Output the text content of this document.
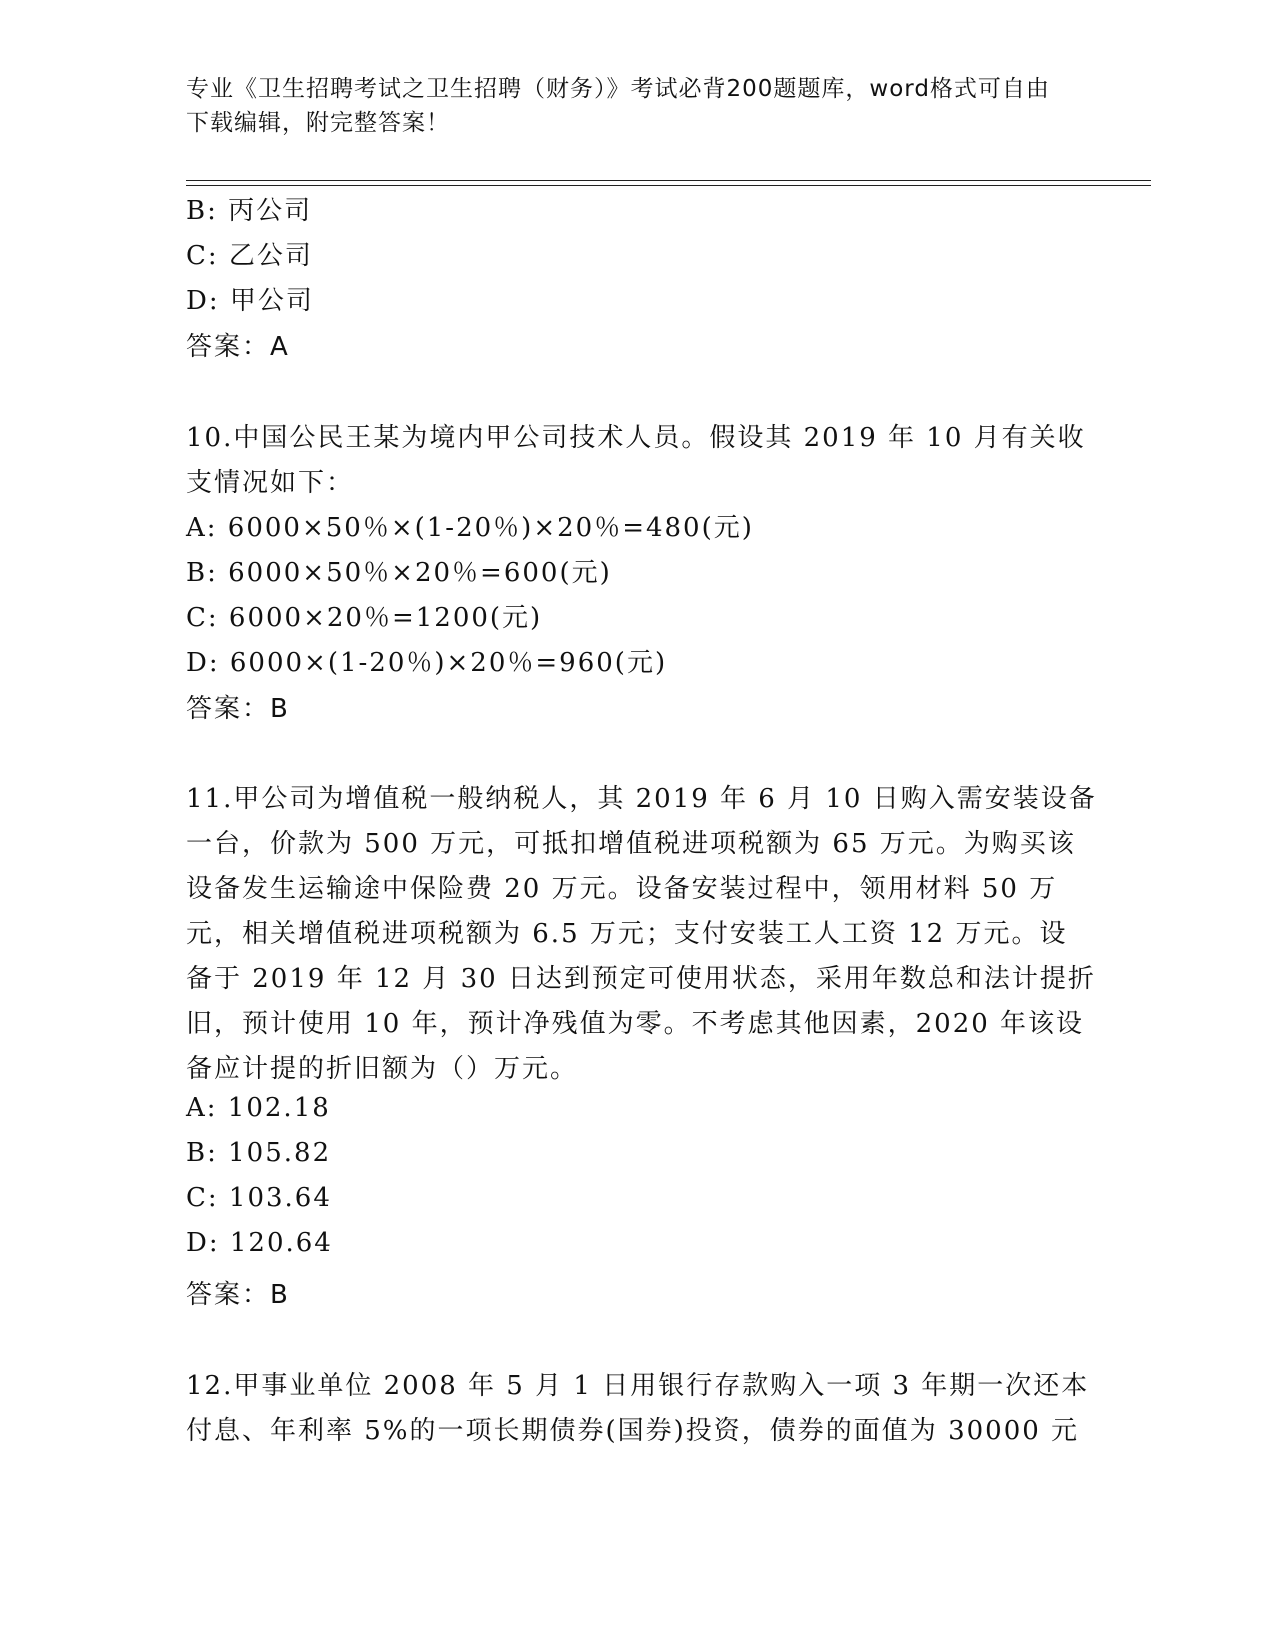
专业《卫生招聘考试之卫生招聘（财务）》考试必背200题题库，word格式可自由下载编辑，附完整答案！
B: 丙公司
C: 乙公司
D: 甲公司
答案：A
10.中国公民王某为境内甲公司技术人员。假设其 2019 年 10 月有关收
支情况如下：
A: 6000×50％×(1-20％)×20％=480(元)
B: 6000×50％×20％=600(元)
C: 6000×20％=1200(元)
D: 6000×(1-20％)×20％=960(元)
答案：B
11.甲公司为增值税一般纳税人，其 2019 年 6 月 10 日购入需安装设备
一台，价款为 500 万元，可抵扣增值税进项税额为 65 万元。为购买该
设备发生运输途中保险费 20 万元。设备安装过程中，领用材料 50 万
元，相关增值税进项税额为 6.5 万元；支付安装工人工资 12 万元。设
备于 2019 年 12 月 30 日达到预定可使用状态，采用年数总和法计提折
旧，预计使用 10 年，预计净残值为零。不考虑其他因素，2020 年该设
备应计提的折旧额为（）万元。
A: 102.18
B: 105.82
C: 103.64
D: 120.64
答案：B
12.甲事业单位 2008 年 5 月 1 日用银行存款购入一项 3 年期一次还本
付息、年利率 5%的一项长期债券(国券)投资，债券的面值为 30000 元
